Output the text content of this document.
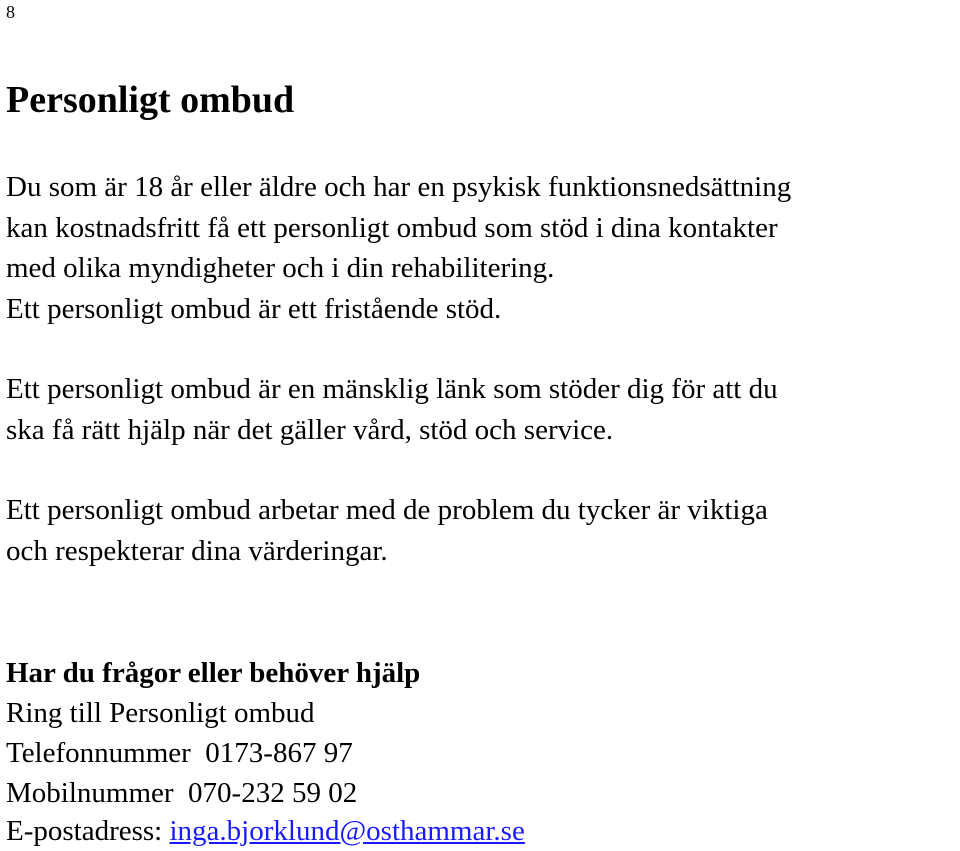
8
Personligt ombud

Du som är 18 år eller äldre och har en psykisk funktionsnedsättning
kan kostnadsfritt få ett personligt ombud som stöd i dina kontakter
med olika myndigheter och i din rehabilitering.
Ett personligt ombud är ett fristående stöd.

Ett personligt ombud är en mänsklig länk som stöder dig för att du
ska få rätt hjälp när det gäller vård, stöd och service.

Ett personligt ombud arbetar med de problem du tycker är viktiga
och respekterar dina värderingar.

Har du frågor eller behöver hjälp
Ring till Personligt ombud
Telefonnummer 0173-867 97
Mobilnummer 070-232 59 02
E-postadress: inga.bjorklund@osthammar.se
